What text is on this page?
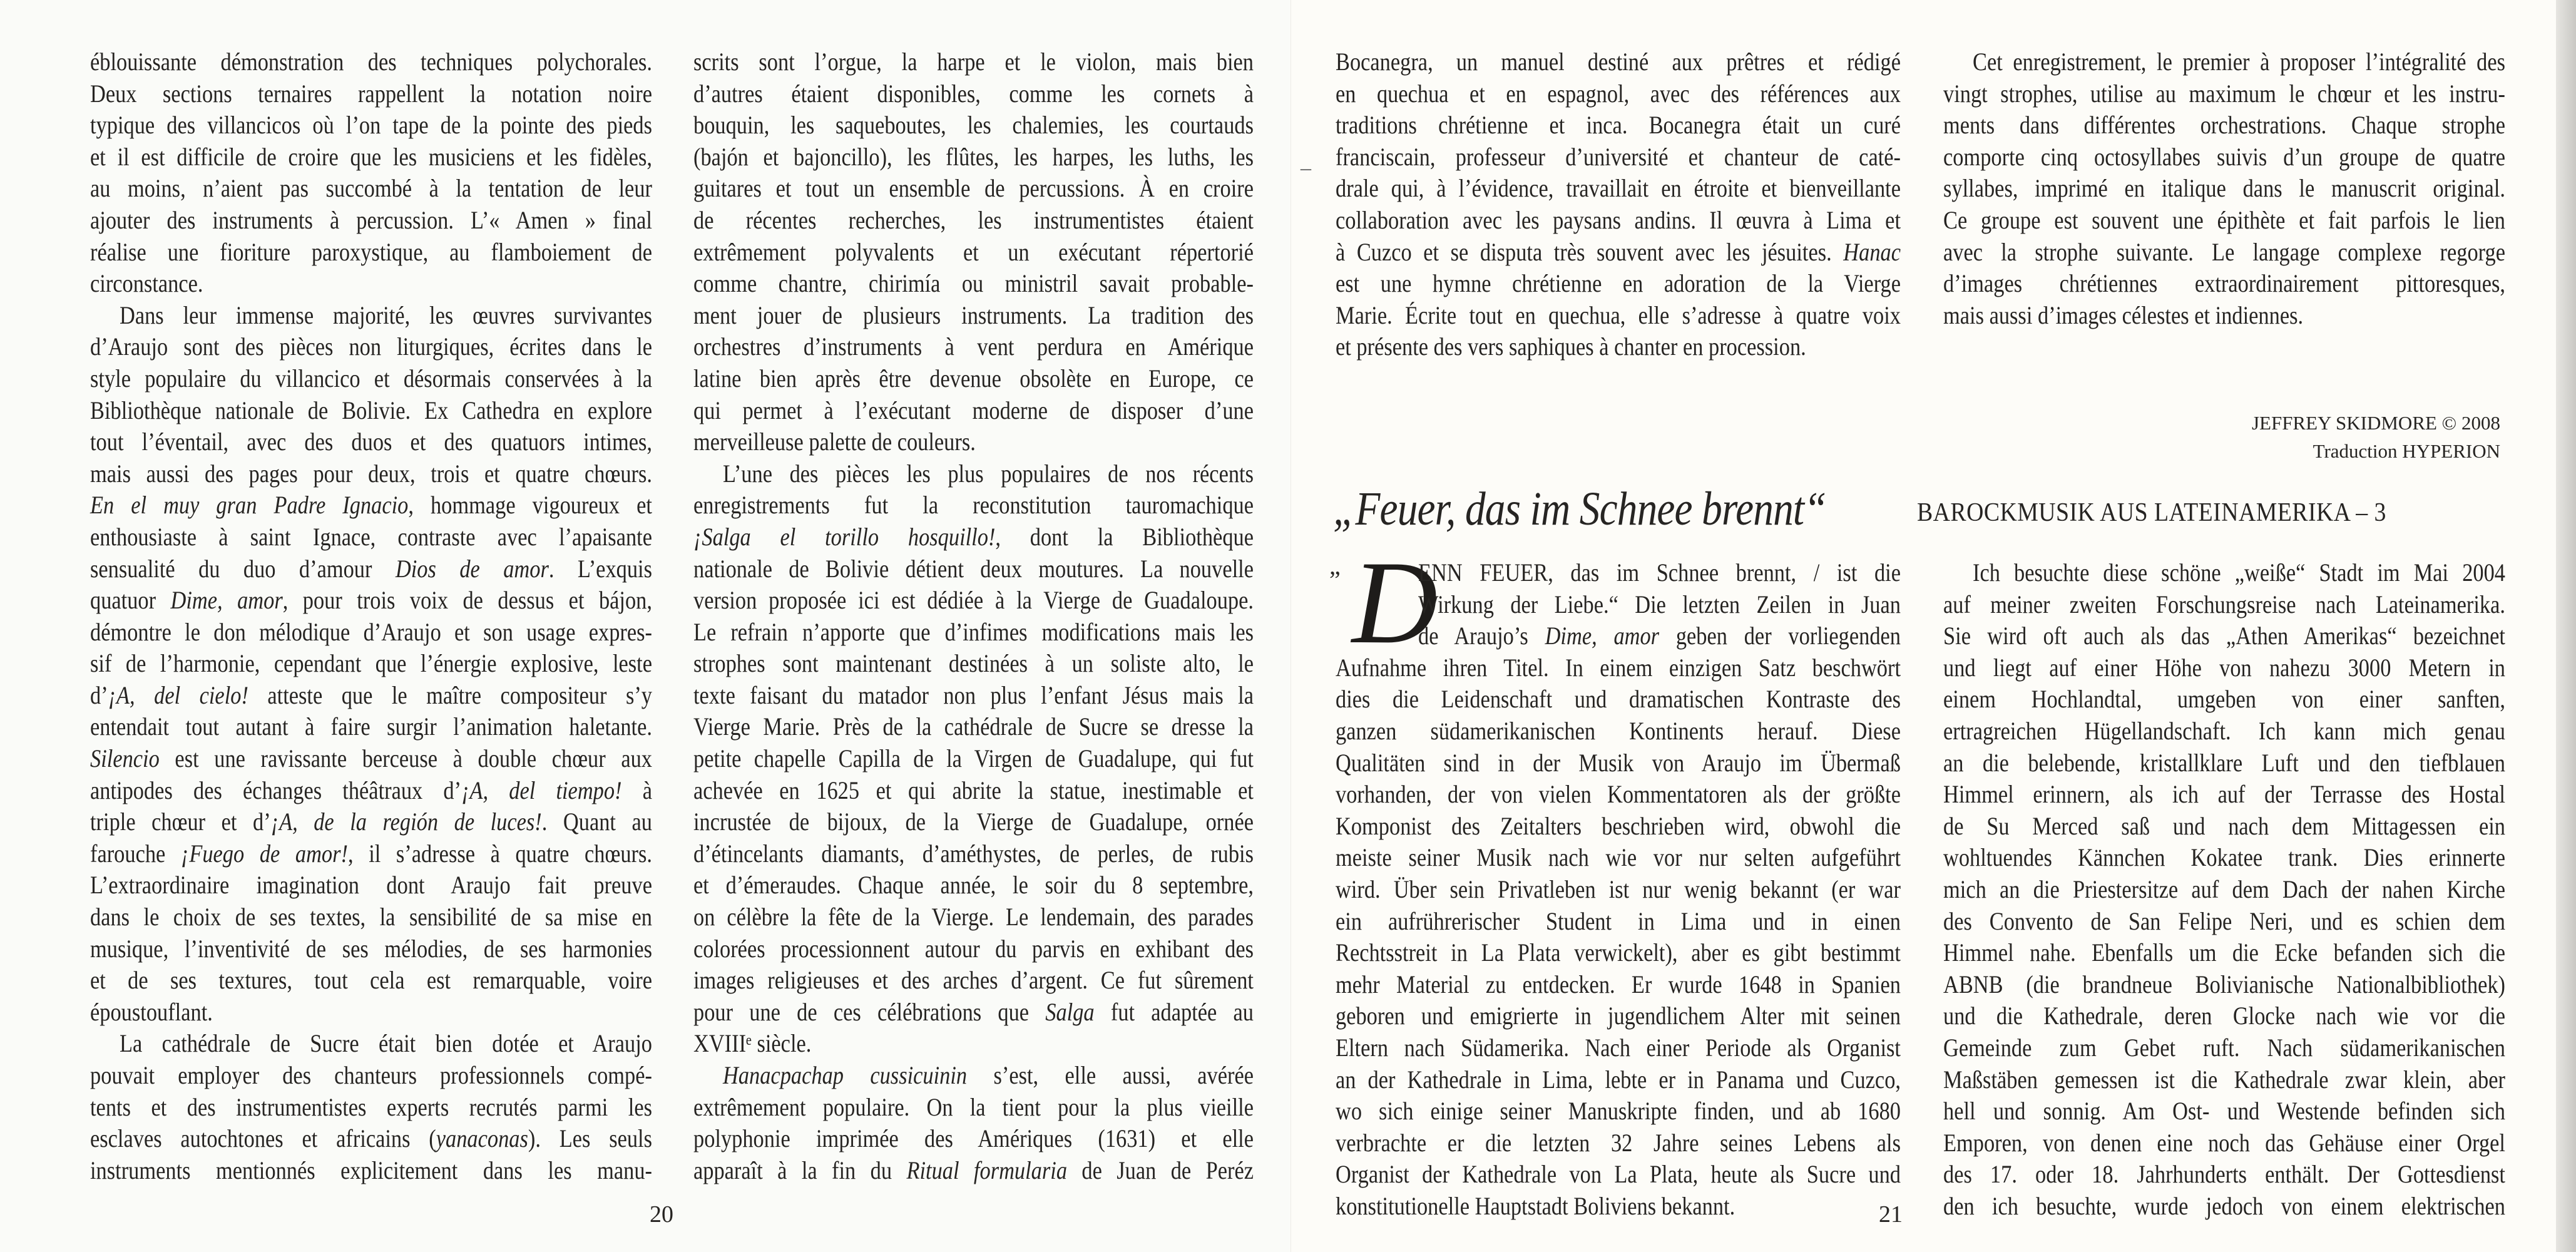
éblouissante démonstration des techniques polychorales.
Deux sections ternaires rappellent la notation noire
typique des villancicos où l’on tape de la pointe des pieds
et il est difficile de croire que les musiciens et les fidèles,
au moins, n’aient pas succombé à la tentation de leur
ajouter des instruments à percussion. L’« Amen » final
réalise une fioriture paroxystique, au flamboiement de
circonstance.
Dans leur immense majorité, les œuvres survivantes
d’Araujo sont des pièces non liturgiques, écrites dans le
style populaire du villancico et désormais conservées à la
Bibliothèque nationale de Bolivie. Ex Cathedra en explore
tout l’éventail, avec des duos et des quatuors intimes,
mais aussi des pages pour deux, trois et quatre chœurs.
En el muy gran Padre Ignacio, hommage vigoureux et
enthousiaste à saint Ignace, contraste avec l’apaisante
sensualité du duo d’amour Dios de amor. L’exquis
quatuor Dime, amor, pour trois voix de dessus et bájon,
démontre le don mélodique d’Araujo et son usage expres-
sif de l’harmonie, cependant que l’énergie explosive, leste
d’¡A, del cielo! atteste que le maître compositeur s’y
entendait tout autant à faire surgir l’animation haletante.
Silencio est une ravissante berceuse à double chœur aux
antipodes des échanges théâtraux d’¡A, del tiempo! à
triple chœur et d’¡A, de la región de luces!. Quant au
farouche ¡Fuego de amor!, il s’adresse à quatre chœurs.
L’extraordinaire imagination dont Araujo fait preuve
dans le choix de ses textes, la sensibilité de sa mise en
musique, l’inventivité de ses mélodies, de ses harmonies
et de ses textures, tout cela est remarquable, voire
époustouflant.
La cathédrale de Sucre était bien dotée et Araujo
pouvait employer des chanteurs professionnels compé-
tents et des instrumentistes experts recrutés parmi les
esclaves autochtones et africains (yanaconas). Les seuls
instruments mentionnés explicitement dans les manu-
scrits sont l’orgue, la harpe et le violon, mais bien
d’autres étaient disponibles, comme les cornets à
bouquin, les saqueboutes, les chalemies, les courtauds
(bajón et bajoncillo), les flûtes, les harpes, les luths, les
guitares et tout un ensemble de percussions. À en croire
de récentes recherches, les instrumentistes étaient
extrêmement polyvalents et un exécutant répertorié
comme chantre, chirimía ou ministril savait probable-
ment jouer de plusieurs instruments. La tradition des
orchestres d’instruments à vent perdura en Amérique
latine bien après être devenue obsolète en Europe, ce
qui permet à l’exécutant moderne de disposer d’une
merveilleuse palette de couleurs.
L’une des pièces les plus populaires de nos récents
enregistrements fut la reconstitution tauromachique
¡Salga el torillo hosquillo!, dont la Bibliothèque
nationale de Bolivie détient deux moutures. La nouvelle
version proposée ici est dédiée à la Vierge de Guadaloupe.
Le refrain n’apporte que d’infimes modifications mais les
strophes sont maintenant destinées à un soliste alto, le
texte faisant du matador non plus l’enfant Jésus mais la
Vierge Marie. Près de la cathédrale de Sucre se dresse la
petite chapelle Capilla de la Virgen de Guadalupe, qui fut
achevée en 1625 et qui abrite la statue, inestimable et
incrustée de bijoux, de la Vierge de Guadalupe, ornée
d’étincelants diamants, d’améthystes, de perles, de rubis
et d’émeraudes. Chaque année, le soir du 8 septembre,
on célèbre la fête de la Vierge. Le lendemain, des parades
colorées processionnent autour du parvis en exhibant des
images religieuses et des arches d’argent. Ce fut sûrement
pour une de ces célébrations que Salga fut adaptée au
XVIIIᵉ siècle.
Hanacpachap cussicuinin s’est, elle aussi, avérée
extrêmement populaire. On la tient pour la plus vieille
polyphonie imprimée des Amériques (1631) et elle
apparaît à la fin du Ritual formularia de Juan de Peréz
20
–
Bocanegra, un manuel destiné aux prêtres et rédigé
en quechua et en espagnol, avec des références aux
traditions chrétienne et inca. Bocanegra était un curé
franciscain, professeur d’université et chanteur de caté-
drale qui, à l’évidence, travaillait en étroite et bienveillante
collaboration avec les paysans andins. Il œuvra à Lima et
à Cuzco et se disputa très souvent avec les jésuites. Hanac
est une hymne chrétienne en adoration de la Vierge
Marie. Écrite tout en quechua, elle s’adresse à quatre voix
et présente des vers saphiques à chanter en procession.
Cet enregistrement, le premier à proposer l’intégralité des
vingt strophes, utilise au maximum le chœur et les instru-
ments dans différentes orchestrations. Chaque strophe
comporte cinq octosyllabes suivis d’un groupe de quatre
syllabes, imprimé en italique dans le manuscrit original.
Ce groupe est souvent une épithète et fait parfois le lien
avec la strophe suivante. Le langage complexe regorge
d’images chrétiennes extraordinairement pittoresques,
mais aussi d’images célestes et indiennes.
JEFFREY SKIDMORE © 2008
Traduction HYPERION
„Feuer, das im Schnee brennt“	BAROCKMUSIK AUS LATEINAMERIKA – 3
„ D
ENN FEUER, das im Schnee brennt, / ist die
Wirkung der Liebe.“ Die letzten Zeilen in Juan
de Araujo’s Dime, amor geben der vorliegenden
Aufnahme ihren Titel. In einem einzigen Satz beschwört
dies die Leidenschaft und dramatischen Kontraste des
ganzen südamerikanischen Kontinents herauf. Diese
Qualitäten sind in der Musik von Araujo im Übermaß
vorhanden, der von vielen Kommentatoren als der größte
Komponist des Zeitalters beschrieben wird, obwohl die
meiste seiner Musik nach wie vor nur selten aufgeführt
wird. Über sein Privatleben ist nur wenig bekannt (er war
ein aufrührerischer Student in Lima und in einen
Rechtsstreit in La Plata verwickelt), aber es gibt bestimmt
mehr Material zu entdecken. Er wurde 1648 in Spanien
geboren und emigrierte in jugendlichem Alter mit seinen
Eltern nach Südamerika. Nach einer Periode als Organist
an der Kathedrale in Lima, lebte er in Panama und Cuzco,
wo sich einige seiner Manuskripte finden, und ab 1680
verbrachte er die letzten 32 Jahre seines Lebens als
Organist der Kathedrale von La Plata, heute als Sucre und
konstitutionelle Hauptstadt Boliviens bekannt.
Ich besuchte diese schöne „weiße“ Stadt im Mai 2004
auf meiner zweiten Forschungsreise nach Lateinamerika.
Sie wird oft auch als das „Athen Amerikas“ bezeichnet
und liegt auf einer Höhe von nahezu 3000 Metern in
einem Hochlandtal, umgeben von einer sanften,
ertragreichen Hügellandschaft. Ich kann mich genau
an die belebende, kristallklare Luft und den tiefblauen
Himmel erinnern, als ich auf der Terrasse des Hostal
de Su Merced saß und nach dem Mittagessen ein
wohltuendes Kännchen Kokatee trank. Dies erinnerte
mich an die Priestersitze auf dem Dach der nahen Kirche
des Convento de San Felipe Neri, und es schien dem
Himmel nahe. Ebenfalls um die Ecke befanden sich die
ABNB (die brandneue Bolivianische Nationalbibliothek)
und die Kathedrale, deren Glocke nach wie vor die
Gemeinde zum Gebet ruft. Nach südamerikanischen
Maßstäben gemessen ist die Kathedrale zwar klein, aber
hell und sonnig. Am Ost- und Westende befinden sich
Emporen, von denen eine noch das Gehäuse einer Orgel
des 17. oder 18. Jahrhunderts enthält. Der Gottesdienst
den ich besuchte, wurde jedoch von einem elektrischen
21
